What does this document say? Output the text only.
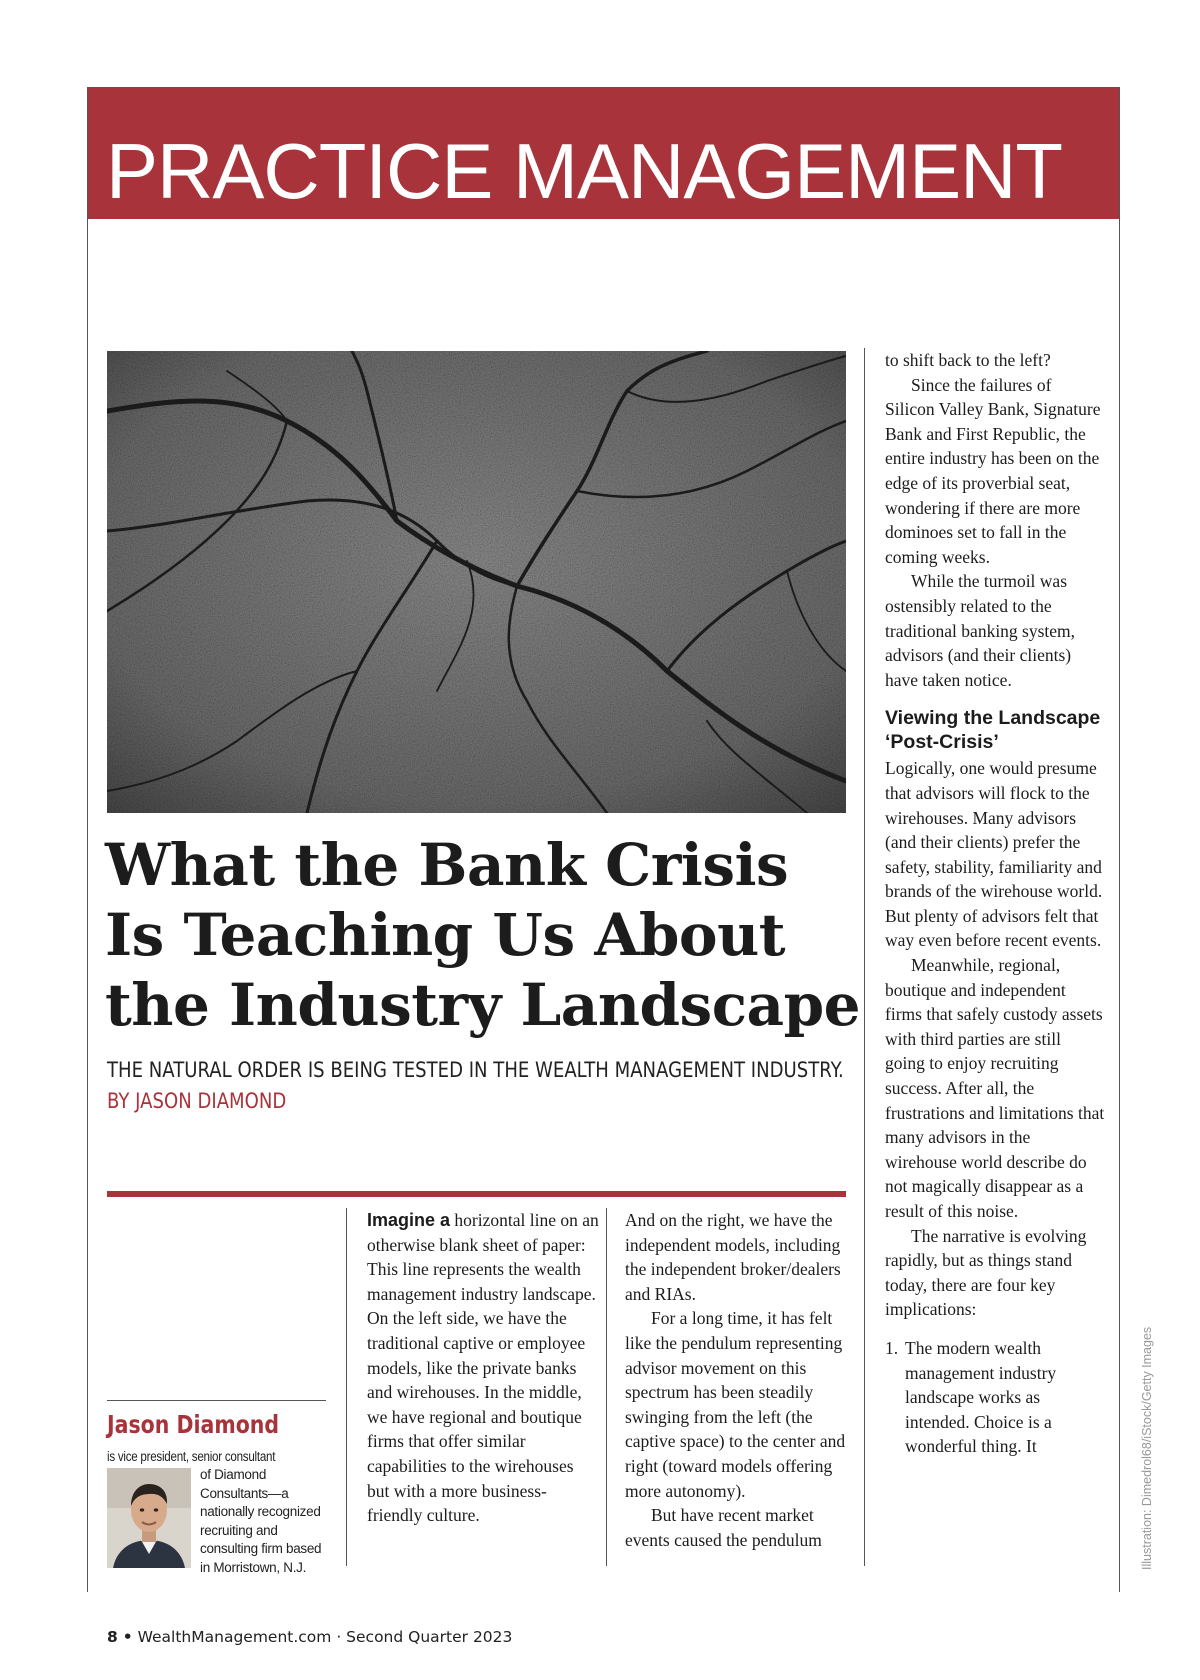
PRACTICE MANAGEMENT
What the Bank Crisis Is Teaching Us About the Industry Landscape

THE NATURAL ORDER IS BEING TESTED IN THE WEALTH MANAGEMENT INDUSTRY.

BY JASON DIAMOND

Imagine a horizontal line on an otherwise blank sheet of paper: This line represents the wealth management industry landscape. On the left side, we have the traditional captive or employee models, like the private banks and wirehouses. In the middle, we have regional and boutique firms that offer similar capabilities to the wirehouses but with a more business-friendly culture.

And on the right, we have the independent models, including the independent broker/dealers and RIAs.

For a long time, it has felt like the pendulum representing advisor movement on this spectrum has been steadily swinging from the left (the captive space) to the center and right (toward models offering more autonomy).

But have recent market events caused the pendulum

to shift back to the left?

Since the failures of Silicon Valley Bank, Signature Bank and First Republic, the entire industry has been on the edge of its proverbial seat, wondering if there are more dominoes set to fall in the coming weeks.

While the turmoil was ostensibly related to the traditional banking system, advisors (and their clients) have taken notice.

Viewing the Landscape ‘Post-Crisis’

Logically, one would presume that advisors will flock to the wirehouses. Many advisors (and their clients) prefer the safety, stability, familiarity and brands of the wirehouse world. But plenty of advisors felt that way even before recent events.

Meanwhile, regional, boutique and independent firms that safely custody assets with third parties are still going to enjoy recruiting success. After all, the frustrations and limitations that many advisors in the wirehouse world describe do not magically disappear as a result of this noise.

The narrative is evolving rapidly, but as things stand today, there are four key implications:

1. The modern wealth management industry landscape works as intended. Choice is a wonderful thing. It

Jason Diamond

is vice president, senior consultant
of Diamond Consultants—a nationally recognized recruiting and consulting firm based in Morristown, N.J.	Illustration: Dimedrol68/iStock/Getty Images
8 • WealthManagement.com · Second Quarter 2023
